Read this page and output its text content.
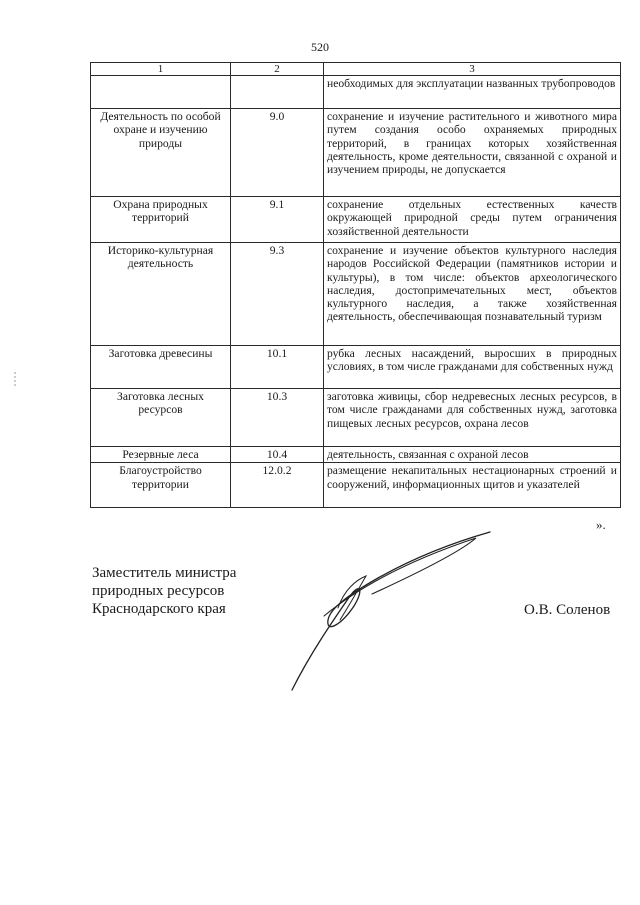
520
1	2	3
		необходимых для эксплуатации названных трубопроводов
Деятельность по особой охране и изучению природы	9.0	сохранение и изучение растительного и животного мира путем создания особо охраняемых природных территорий, в границах которых хозяйственная деятельность, кроме деятельности, связанной с охраной и изучением природы, не допускается
Охрана природных территорий	9.1	сохранение отдельных естественных качеств окружающей природной среды путем ограничения хозяйственной деятельности
Историко-культурная деятельность	9.3	сохранение и изучение объектов культурного наследия народов Российской Федерации (памятников истории и культуры), в том числе: объектов археологического наследия, достопримечательных мест, объектов культурного наследия, а также хозяйственная деятельность, обеспечивающая познавательный туризм
Заготовка древесины	10.1	рубка лесных насаждений, выросших в природных условиях, в том числе гражданами для собственных нужд
Заготовка лесных ресурсов	10.3	заготовка живицы, сбор недревесных лесных ресурсов, в том числе гражданами для собственных нужд, заготовка пищевых лесных ресурсов, охрана лесов
Резервные леса	10.4	деятельность, связанная с охраной лесов
Благоустройство территории	12.0.2	размещение некапитальных нестационарных строений и сооружений, информационных щитов и указателей
».
Заместитель министра
природных ресурсов
Краснодарского края	О.В. Соленов
